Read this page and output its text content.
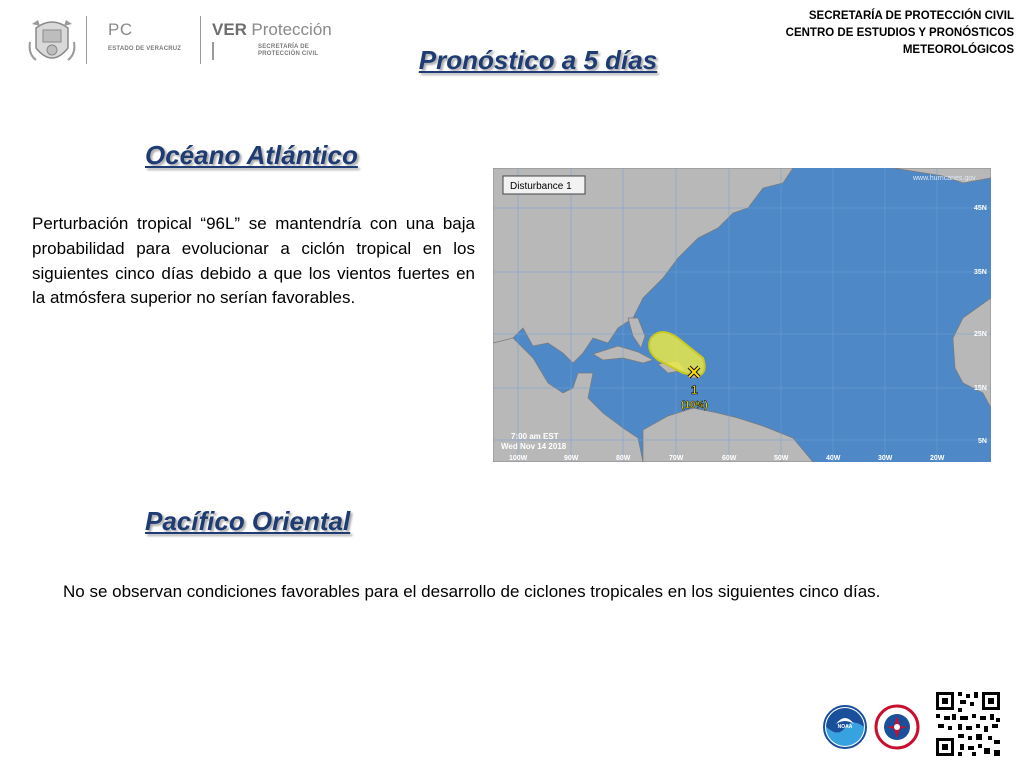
PC
ESTADO DE VERACRUZ
VER Protección
SECRETARÍA DE
PROTECCIÓN CIVIL
SECRETARÍA DE PROTECCIÓN CIVIL
CENTRO DE ESTUDIOS Y PRONÓSTICOS
METEOROLÓGICOS
Pronóstico a 5 días
Océano Atlántico
Perturbación tropical “96L” se mantendría con una baja probabilidad para evolucionar a ciclón tropical en los siguientes cinco días debido a que los vientos fuertes en la atmósfera superior no serían favorables.
1
(10%)
Disturbance 1
www.hurricanes.gov
7:00 am EST
Wed Nov 14 2018
45N
35N
25N
15N
5N
100W	90W	80W	70W	60W	50W	40W	30W	20W
Pacífico Oriental
No se observan condiciones favorables para el desarrollo de ciclones tropicales en los siguientes cinco días.
NOAA
